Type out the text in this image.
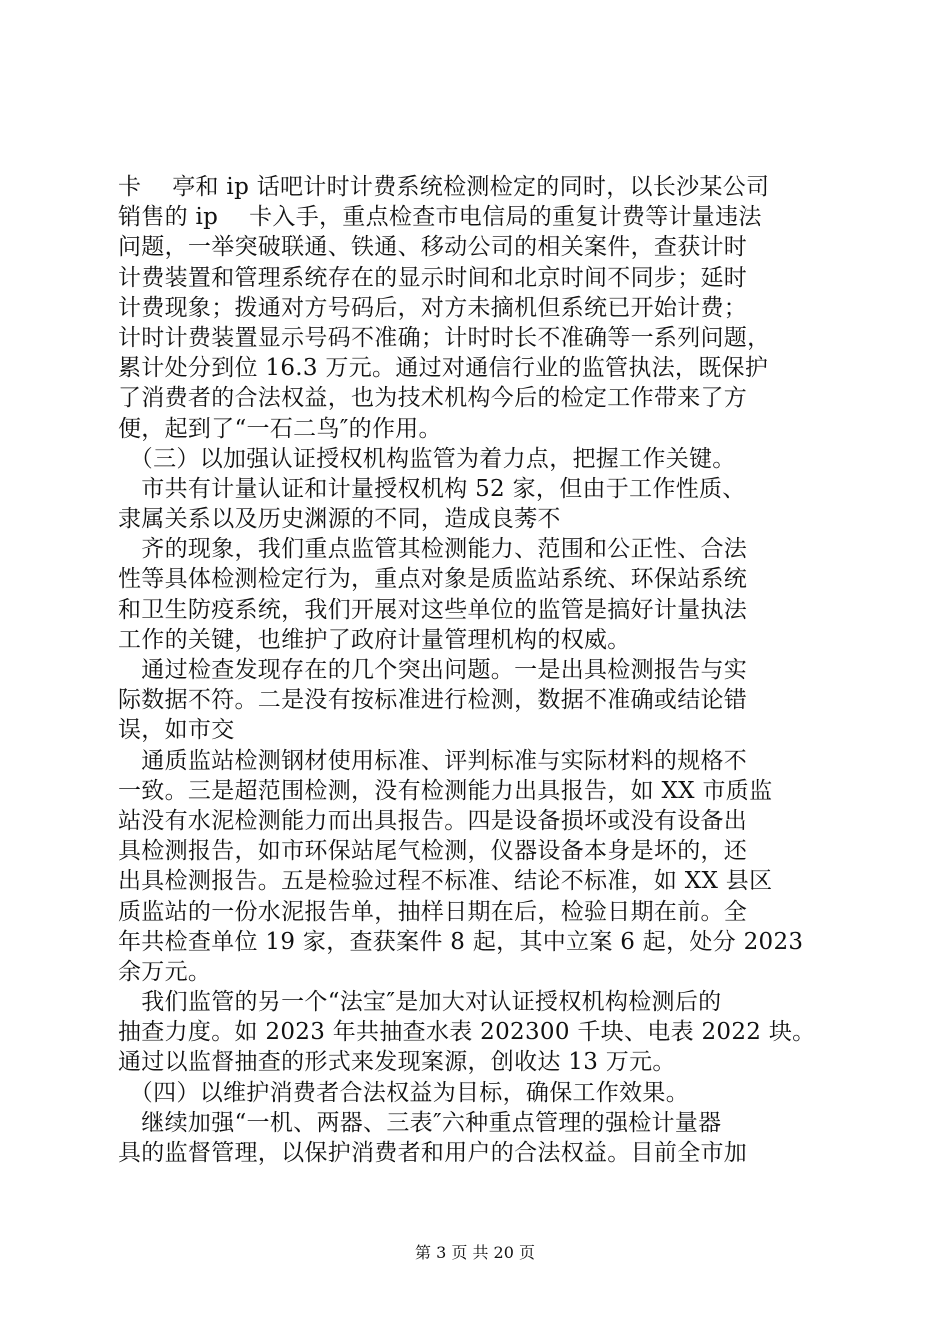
卡　 亭和 ip 话吧计时计费系统检测检定的同时，以长沙某公司
销售的 ip　 卡入手，重点检查市电信局的重复计费等计量违法
问题，一举突破联通、铁通、移动公司的相关案件，查获计时
计费装置和管理系统存在的显示时间和北京时间不同步；延时
计费现象；拨通对方号码后，对方未摘机但系统已开始计费；
计时计费装置显示号码不准确；计时时长不准确等一系列问题，
累计处分到位 16.3 万元。通过对通信行业的监管执法，既保护
了消费者的合法权益，也为技术机构今后的检定工作带来了方
便，起到了“一石二鸟″的作用。
　（三）以加强认证授权机构监管为着力点，把握工作关键。
　市共有计量认证和计量授权机构 52 家，但由于工作性质、
隶属关系以及历史渊源的不同，造成良莠不
　齐的现象，我们重点监管其检测能力、范围和公正性、合法
性等具体检测检定行为，重点对象是质监站系统、环保站系统
和卫生防疫系统，我们开展对这些单位的监管是搞好计量执法
工作的关键，也维护了政府计量管理机构的权威。
　通过检查发现存在的几个突出问题。一是出具检测报告与实
际数据不符。二是没有按标准进行检测，数据不准确或结论错
误，如市交
　通质监站检测钢材使用标准、评判标准与实际材料的规格不
一致。三是超范围检测，没有检测能力出具报告，如 XX 市质监
站没有水泥检测能力而出具报告。四是设备损坏或没有设备出
具检测报告，如市环保站尾气检测，仪器设备本身是坏的，还
出具检测报告。五是检验过程不标准、结论不标准，如 XX 县区
质监站的一份水泥报告单，抽样日期在后，检验日期在前。全
年共检查单位 19 家，查获案件 8 起，其中立案 6 起，处分 2023
余万元。
　我们监管的另一个“法宝″是加大对认证授权机构检测后的
抽查力度。如 2023 年共抽查水表 202300 千块、电表 2022 块。
通过以监督抽查的形式来发现案源，创收达 13 万元。
　（四）以维护消费者合法权益为目标，确保工作效果。
　继续加强“一机、两器、三表″六种重点管理的强检计量器
具的监督管理，以保护消费者和用户的合法权益。目前全市加
第 3 页 共 20 页
